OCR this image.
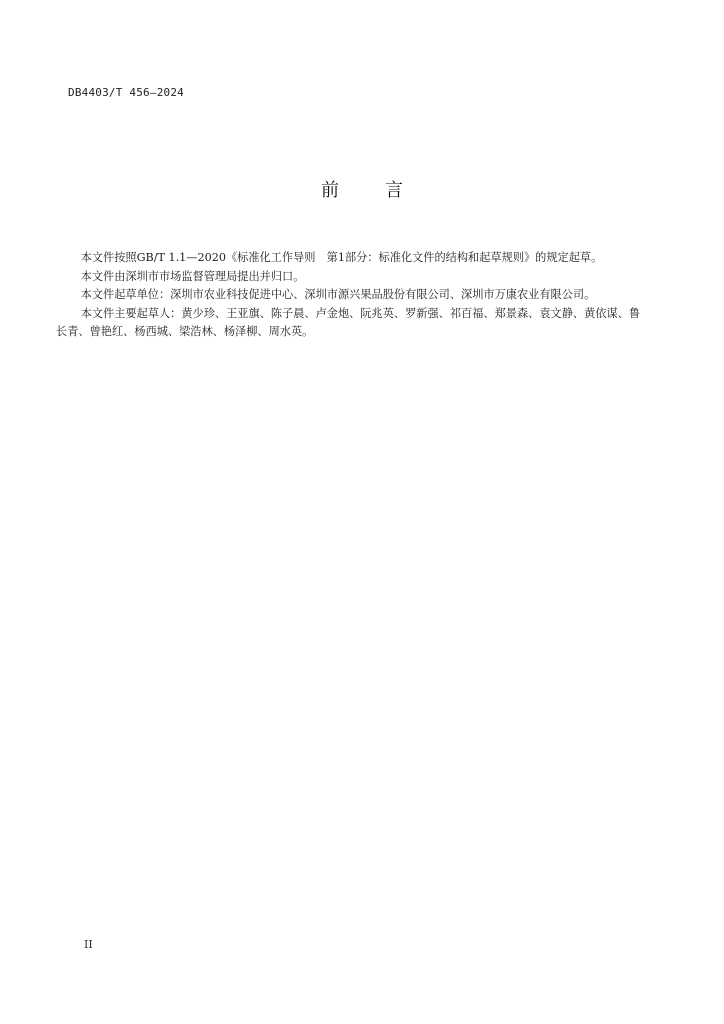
DB4403/T 456—2024
前	言

本文件按照GB/T 1.1—2020《标准化工作导则　第1部分：标准化文件的结构和起草规则》的规定起草。

本文件由深圳市市场监督管理局提出并归口。

本文件起草单位：深圳市农业科技促进中心、深圳市源兴果品股份有限公司、深圳市万康农业有限公司。

本文件主要起草人：黄少珍、王亚旗、陈子晨、卢金炮、阮兆英、罗新强、祁百福、郑景森、袁文静、黄依谋、鲁长青、曾艳红、杨西城、梁浩林、杨泽柳、周水英。

II
